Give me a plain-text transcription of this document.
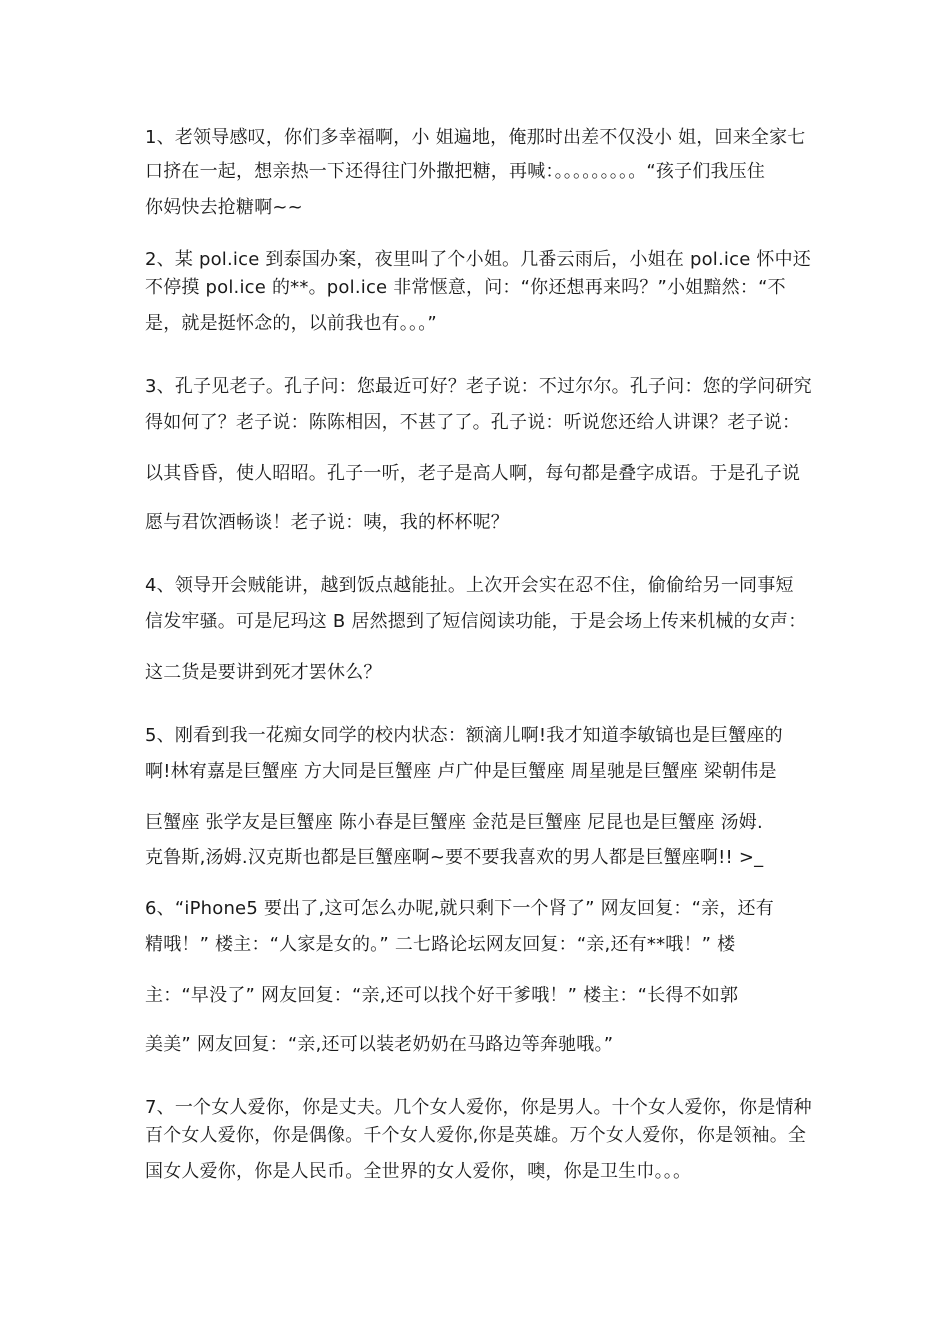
1、老领导感叹，你们多幸福啊，小 姐遍地，俺那时出差不仅没小 姐，回来全家七
口挤在一起，想亲热一下还得往门外撒把糖，再喊：。。。。。。。。。“孩子们我压住
你妈快去抢糖啊~~
2、某 pol.ice 到泰国办案，夜里叫了个小姐。几番云雨后，小姐在 pol.ice 怀中还
不停摸 pol.ice 的**。pol.ice 非常惬意，问：“你还想再来吗？”小姐黯然：“不
是，就是挺怀念的，以前我也有。。。”
3、孔子见老子。孔子问：您最近可好？老子说：不过尔尔。孔子问：您的学问研究
得如何了？老子说：陈陈相因，不甚了了。孔子说：听说您还给人讲课？老子说：
以其昏昏，使人昭昭。孔子一听，老子是高人啊，每句都是叠字成语。于是孔子说
愿与君饮酒畅谈！老子说：咦，我的杯杯呢？
4、领导开会贼能讲，越到饭点越能扯。上次开会实在忍不住，偷偷给另一同事短
信发牢骚。可是尼玛这 B 居然摁到了短信阅读功能，于是会场上传来机械的女声：
这二货是要讲到死才罢休么？
5、刚看到我一花痴女同学的校内状态：额滴儿啊!我才知道李敏镐也是巨蟹座的
啊!林宥嘉是巨蟹座 方大同是巨蟹座 卢广仲是巨蟹座 周星驰是巨蟹座 梁朝伟是
巨蟹座 张学友是巨蟹座 陈小春是巨蟹座 金范是巨蟹座 尼昆也是巨蟹座 汤姆.
克鲁斯,汤姆.汉克斯也都是巨蟹座啊~要不要我喜欢的男人都是巨蟹座啊!! >_
6、“iPhone5 要出了,这可怎么办呢,就只剩下一个肾了” 网友回复：“亲，还有
精哦！” 楼主：“人家是女的。” 二七路论坛网友回复：“亲,还有**哦！” 楼
主：“早没了” 网友回复：“亲,还可以找个好干爹哦！” 楼主：“长得不如郭
美美” 网友回复：“亲,还可以装老奶奶在马路边等奔驰哦。”
7、一个女人爱你，你是丈夫。几个女人爱你，你是男人。十个女人爱你，你是情种
百个女人爱你，你是偶像。千个女人爱你,你是英雄。万个女人爱你，你是领袖。全
国女人爱你，你是人民币。全世界的女人爱你，噢，你是卫生巾。。。
